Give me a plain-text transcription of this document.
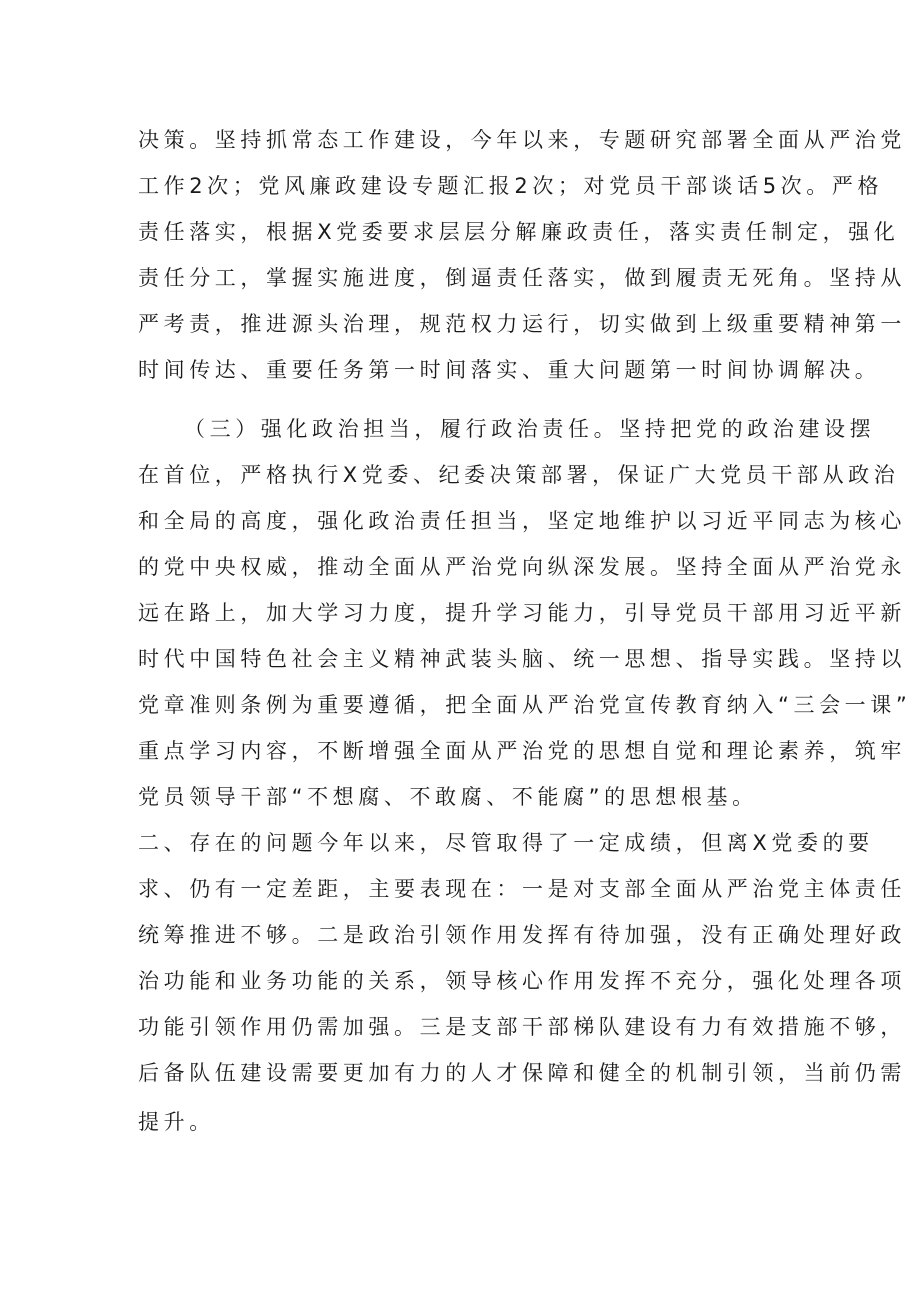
决策。坚持抓常态工作建设，今年以来，专题研究部署全面从严治党
工作2次；党风廉政建设专题汇报2次；对党员干部谈话5次。严格
责任落实，根据X党委要求层层分解廉政责任，落实责任制定，强化
责任分工，掌握实施进度，倒逼责任落实，做到履责无死角。坚持从
严考责，推进源头治理，规范权力运行，切实做到上级重要精神第一
时间传达、重要任务第一时间落实、重大问题第一时间协调解决。
（三）强化政治担当，履行政治责任。坚持把党的政治建设摆
在首位，严格执行X党委、纪委决策部署，保证广大党员干部从政治
和全局的高度，强化政治责任担当，坚定地维护以习近平同志为核心
的党中央权威，推动全面从严治党向纵深发展。坚持全面从严治党永
远在路上，加大学习力度，提升学习能力，引导党员干部用习近平新
时代中国特色社会主义精神武装头脑、统一思想、指导实践。坚持以
党章准则条例为重要遵循，把全面从严治党宣传教育纳入“三会一课”
重点学习内容，不断增强全面从严治党的思想自觉和理论素养，筑牢
党员领导干部“不想腐、不敢腐、不能腐”的思想根基。
二、存在的问题今年以来，尽管取得了一定成绩，但离X党委的要
求、仍有一定差距，主要表现在：一是对支部全面从严治党主体责任
统筹推进不够。二是政治引领作用发挥有待加强，没有正确处理好政
治功能和业务功能的关系，领导核心作用发挥不充分，强化处理各项
功能引领作用仍需加强。三是支部干部梯队建设有力有效措施不够，
后备队伍建设需要更加有力的人才保障和健全的机制引领，当前仍需
提升。
